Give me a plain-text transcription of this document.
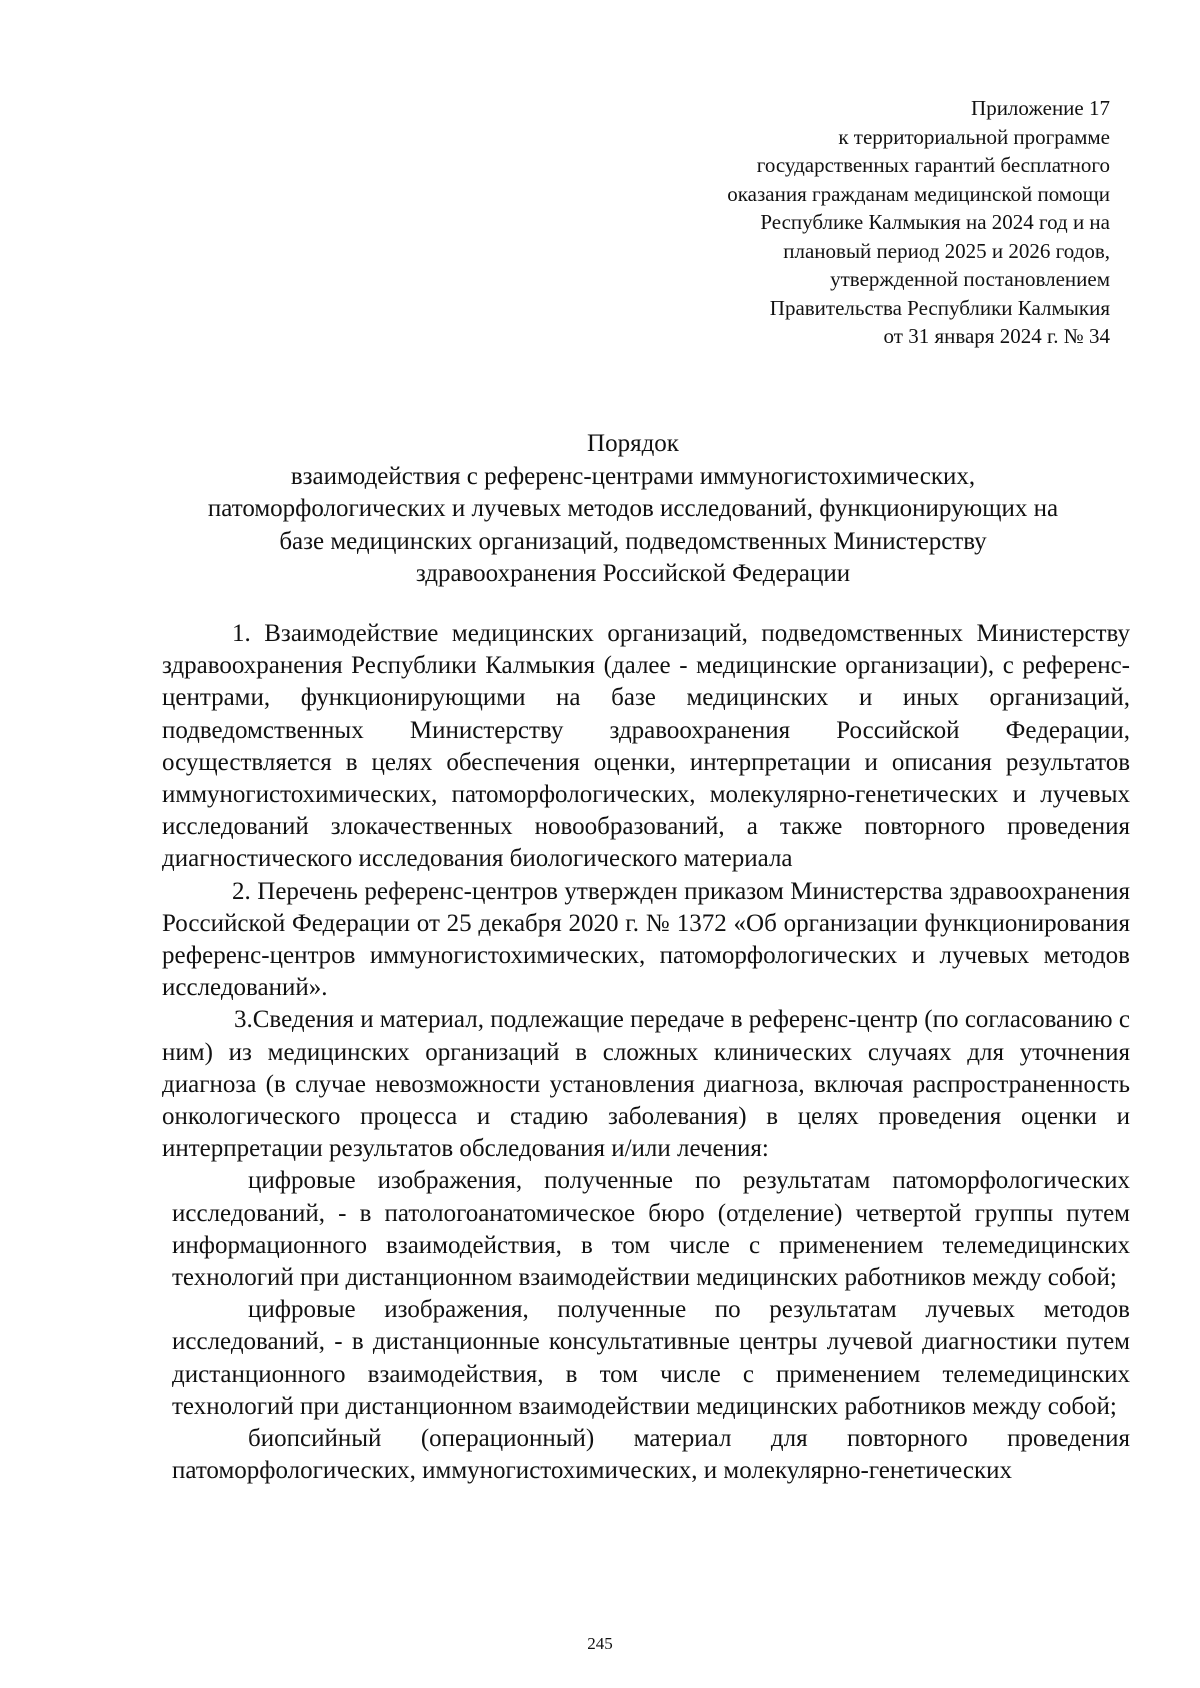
Приложение 17
к территориальной программе
государственных гарантий бесплатного
оказания гражданам медицинской помощи
Республике Калмыкия на 2024 год и на
плановый период 2025 и 2026 годов,
утвержденной постановлением
Правительства Республики Калмыкия
от 31 января 2024 г. № 34
Порядок
взаимодействия с референс-центрами иммуногистохимических,
патоморфологических и лучевых методов исследований, функционирующих на
базе медицинских организаций, подведомственных Министерству
здравоохранения Российской Федерации

1. Взаимодействие медицинских организаций, подведомственных Министерству здравоохранения Республики Калмыкия (далее - медицинские организации), с референс-центрами, функционирующими на базе медицинских и иных организаций, подведомственных Министерству здравоохранения Российской Федерации, осуществляется в целях обеспечения оценки, интерпретации и описания результатов иммуногистохимических, патоморфологических, молекулярно-генетических и лучевых исследований злокачественных новообразований, а также повторного проведения диагностического исследования биологического материала

2. Перечень референс-центров утвержден приказом Министерства здравоохранения Российской Федерации от 25 декабря 2020 г. № 1372 «Об организации функционирования референс-центров иммуногистохимических, патоморфологических и лучевых методов исследований».

3.Сведения и материал, подлежащие передаче в референс-центр (по согласованию с ним) из медицинских организаций в сложных клинических случаях для уточнения диагноза (в случае невозможности установления диагноза, включая распространенность онкологического процесса и стадию заболевания) в целях проведения оценки и интерпретации результатов обследования и/или лечения:

цифровые изображения, полученные по результатам патоморфологических исследований, - в патологоанатомическое бюро (отделение) четвертой группы путем информационного взаимодействия, в том числе с применением телемедицинских технологий при дистанционном взаимодействии медицинских работников между собой;

цифровые изображения, полученные по результатам лучевых методов исследований, - в дистанционные консультативные центры лучевой диагностики путем дистанционного взаимодействия, в том числе с применением телемедицинских технологий при дистанционном взаимодействии медицинских работников между собой;

биопсийный (операционный) материал для повторного проведения патоморфологических, иммуногистохимических, и молекулярно-генетических

245
